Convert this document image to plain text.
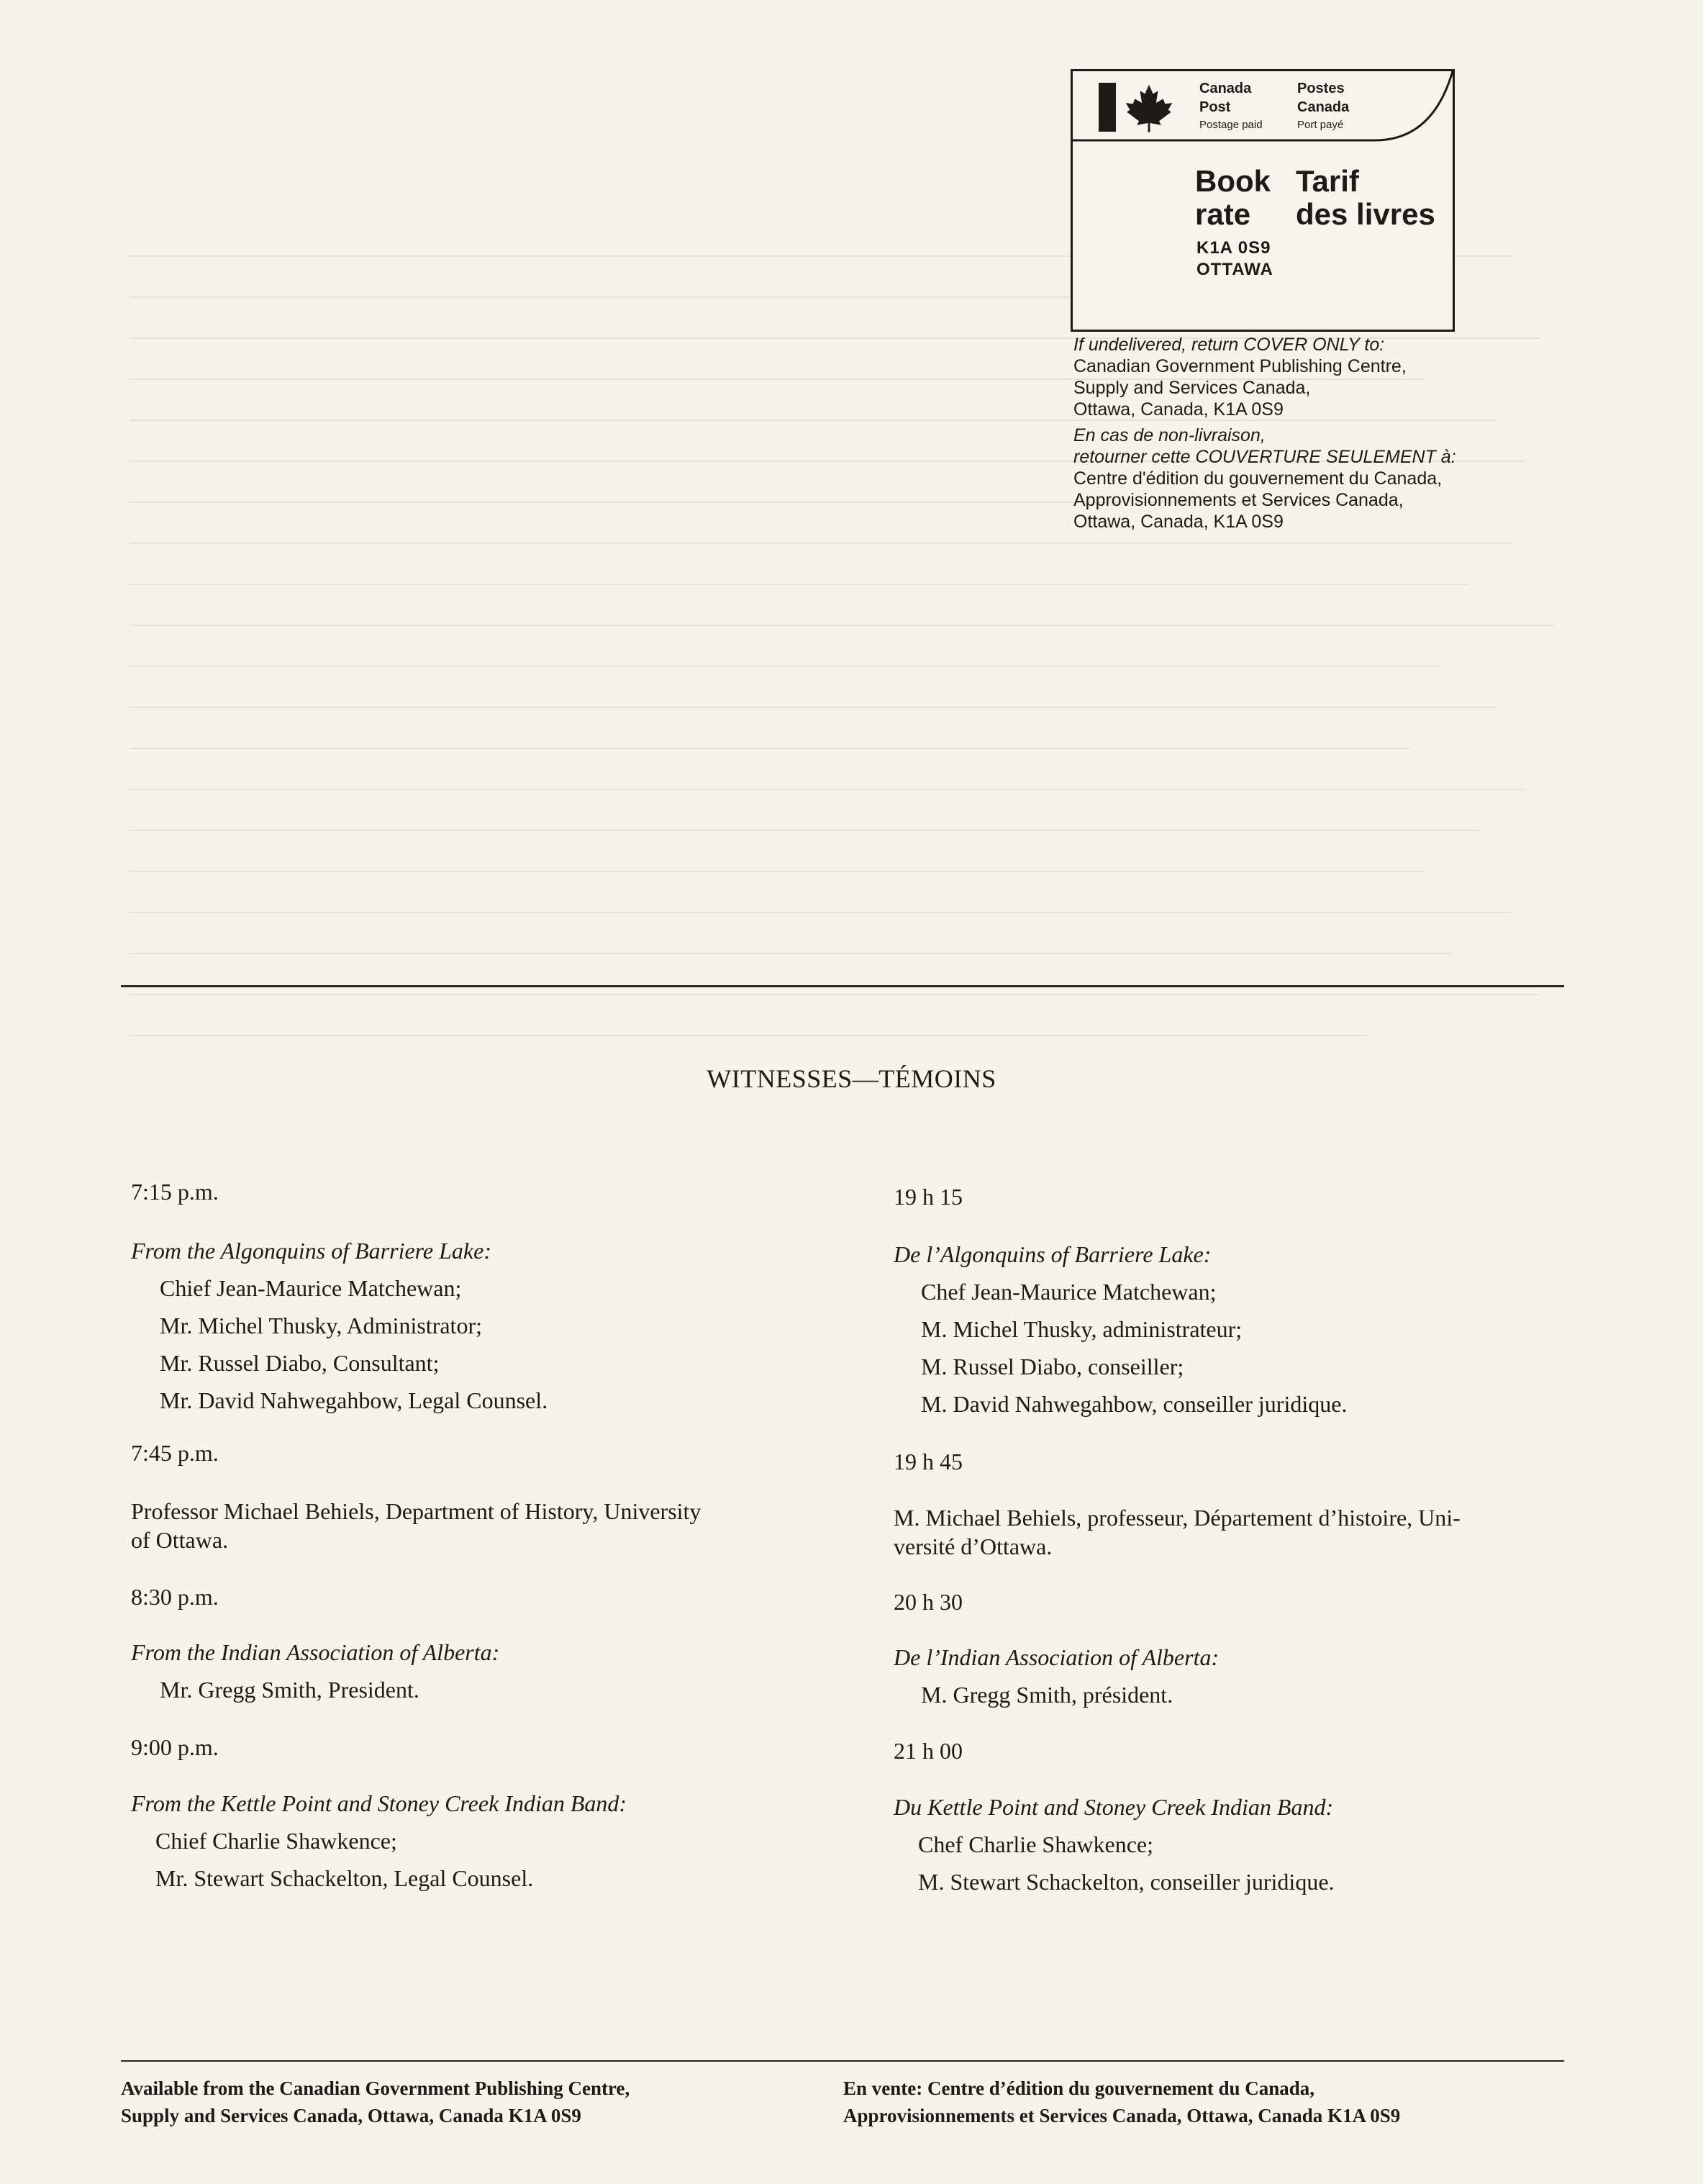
Canada
Post
Postage paid
Postes
Canada
Port payé
Book
rate
Tarif
des livres
K1A 0S9
OTTAWA
If undelivered, return COVER ONLY to:
Canadian Government Publishing Centre,
Supply and Services Canada,
Ottawa, Canada, K1A 0S9
En cas de non-livraison,
retourner cette COUVERTURE SEULEMENT à:
Centre d'édition du gouvernement du Canada,
Approvisionnements et Services Canada,
Ottawa, Canada, K1A 0S9
WITNESSES—TÉMOINS
7:15 p.m.
From the Algonquins of Barriere Lake:
Chief Jean-Maurice Matchewan;
Mr. Michel Thusky, Administrator;
Mr. Russel Diabo, Consultant;
Mr. David Nahwegahbow, Legal Counsel.
7:45 p.m.
Professor Michael Behiels, Department of History, University
of Ottawa.
8:30 p.m.
From the Indian Association of Alberta:
Mr. Gregg Smith, President.
9:00 p.m.
From the Kettle Point and Stoney Creek Indian Band:
Chief Charlie Shawkence;
Mr. Stewart Schackelton, Legal Counsel.
19 h 15
De l’Algonquins of Barriere Lake:
Chef Jean-Maurice Matchewan;
M. Michel Thusky, administrateur;
M. Russel Diabo, conseiller;
M. David Nahwegahbow, conseiller juridique.
19 h 45
M. Michael Behiels, professeur, Département d’histoire, Uni-
versité d’Ottawa.
20 h 30
De l’Indian Association of Alberta:
M. Gregg Smith, président.
21 h 00
Du Kettle Point and Stoney Creek Indian Band:
Chef Charlie Shawkence;
M. Stewart Schackelton, conseiller juridique.
Available from the Canadian Government Publishing Centre,
Supply and Services Canada, Ottawa, Canada K1A 0S9
En vente: Centre d’édition du gouvernement du Canada,
Approvisionnements et Services Canada, Ottawa, Canada K1A 0S9
